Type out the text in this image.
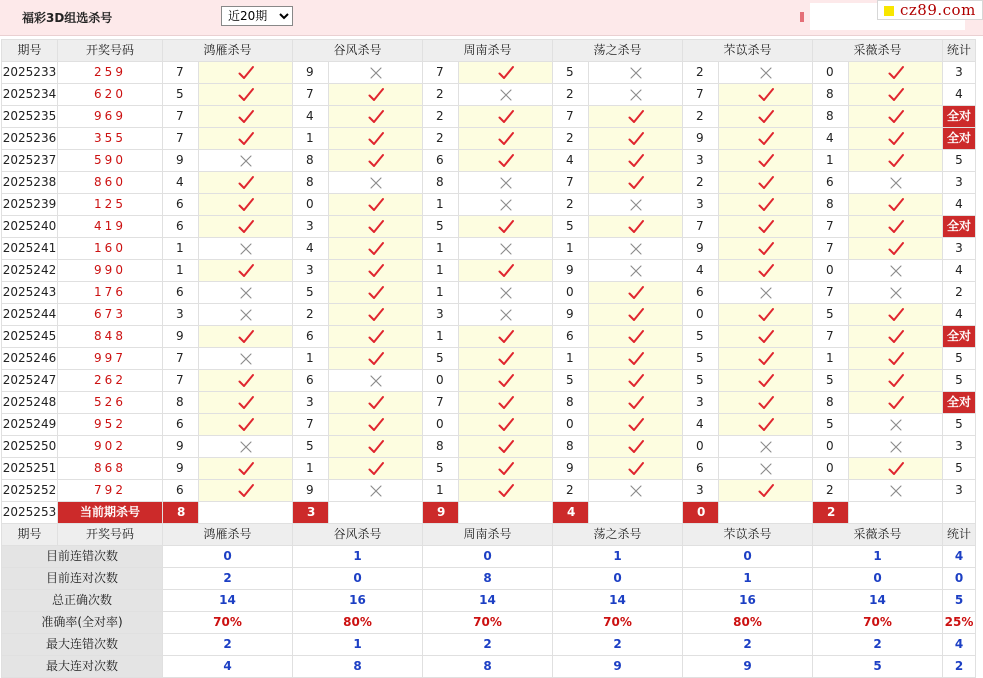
福彩3D组选杀号
近20期	cz89.com
期号	开奖号码	鸿雁杀号		谷风杀号		周南杀号		荡之杀号		芣苡杀号		采薇杀号		统计
2025233	259	7		9		7		5		2		0		3
2025234	620	5		7		2		2		7		8		4
2025235	969	7		4		2		7		2		8		全对
2025236	355	7		1		2		2		9		4		全对
2025237	590	9		8		6		4		3		1		5
2025238	860	4		8		8		7		2		6		3
2025239	125	6		0		1		2		3		8		4
2025240	419	6		3		5		5		7		7		全对
2025241	160	1		4		1		1		9		7		3
2025242	990	1		3		1		9		4		0		4
2025243	176	6		5		1		0		6		7		2
2025244	673	3		2		3		9		0		5		4
2025245	848	9		6		1		6		5		7		全对
2025246	997	7		1		5		1		5		1		5
2025247	262	7		6		0		5		5		5		5
2025248	526	8		3		7		8		3		8		全对
2025249	952	6		7		0		0		4		5		5
2025250	902	9		5		8		8		0		0		3
2025251	868	9		1		5		9		6		0		5
2025252	792	6		9		1		2		3		2		3
2025253	当前期杀号	8		3		9		4		0		2		
期号	开奖号码	鸿雁杀号		谷风杀号		周南杀号		荡之杀号		芣苡杀号		采薇杀号		统计
目前连错次数		0		1		0		1		0		1		4
目前连对次数		2		0		8		0		1		0		0
总正确次数		14		16		14		14		16		14		5
准确率(全对率)		70%		80%		70%		70%		80%		70%		25%
最大连错次数		2		1		2		2		2		2		4
最大连对次数		4		8		8		9		9		5		2
